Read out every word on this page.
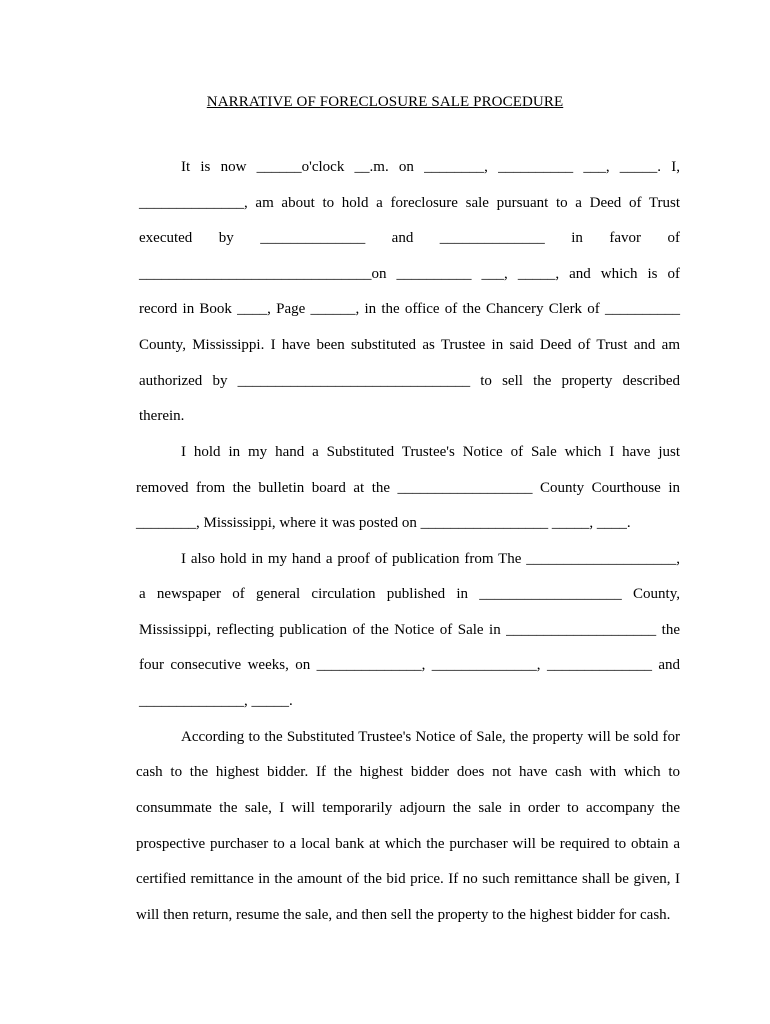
NARRATIVE OF FORECLOSURE SALE PROCEDURE
It is now ______o'clock __.m. on ________, __________ ___, _____. I,
______________, am about to hold a foreclosure sale pursuant to a Deed of Trust
executed by ______________ and ______________ in favor of
_______________________________on __________ ___, _____, and which is of
record in Book ____, Page ______, in the office of the Chancery Clerk of __________
County, Mississippi. I have been substituted as Trustee in said Deed of Trust and am
authorized by _______________________________ to sell the property described
therein.
I hold in my hand a Substituted Trustee's Notice of Sale which I have just
removed from the bulletin board at the __________________ County Courthouse in
________, Mississippi, where it was posted on _________________ _____, ____.
I also hold in my hand a proof of publication from The ____________________,
a newspaper of general circulation published in ___________________ County,
Mississippi, reflecting publication of the Notice of Sale in ____________________ the
four consecutive weeks, on ______________, ______________, ______________ and
______________, _____.
According to the Substituted Trustee's Notice of Sale, the property will be sold for
cash to the highest bidder. If the highest bidder does not have cash with which to
consummate the sale, I will temporarily adjourn the sale in order to accompany the
prospective purchaser to a local bank at which the purchaser will be required to obtain a
certified remittance in the amount of the bid price. If no such remittance shall be given, I
will then return, resume the sale, and then sell the property to the highest bidder for cash.
